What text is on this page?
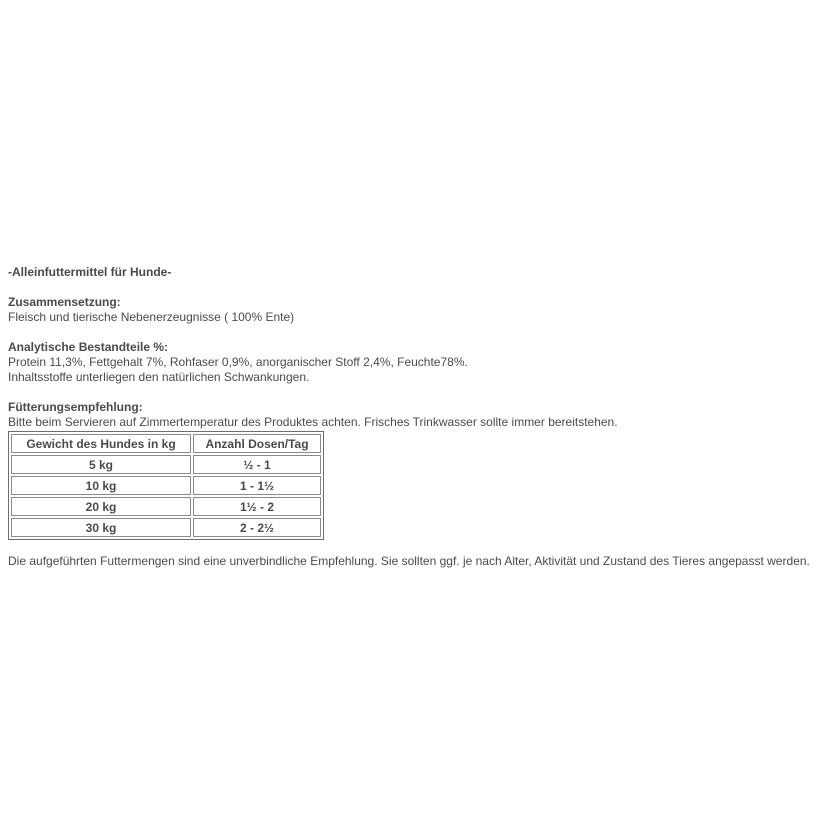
-Alleinfuttermittel für Hunde-
Zusammensetzung:
Fleisch und tierische Nebenerzeugnisse ( 100% Ente)
Analytische Bestandteile %:
Protein 11,3%, Fettgehalt 7%, Rohfaser 0,9%, anorganischer Stoff 2,4%, Feuchte78%.
Inhaltsstoffe unterliegen den natürlichen Schwankungen.
Fütterungsempfehlung:
Bitte beim Servieren auf Zimmertemperatur des Produktes achten. Frisches Trinkwasser sollte immer bereitstehen.
Gewicht des Hundes in kg	Anzahl Dosen/Tag
5 kg	½ - 1
10 kg	1 - 1½
20 kg	1½ - 2
30 kg	2 - 2½
Die aufgeführten Futtermengen sind eine unverbindliche Empfehlung. Sie sollten ggf. je nach Alter, Aktivität und Zustand des Tieres angepasst werden.
